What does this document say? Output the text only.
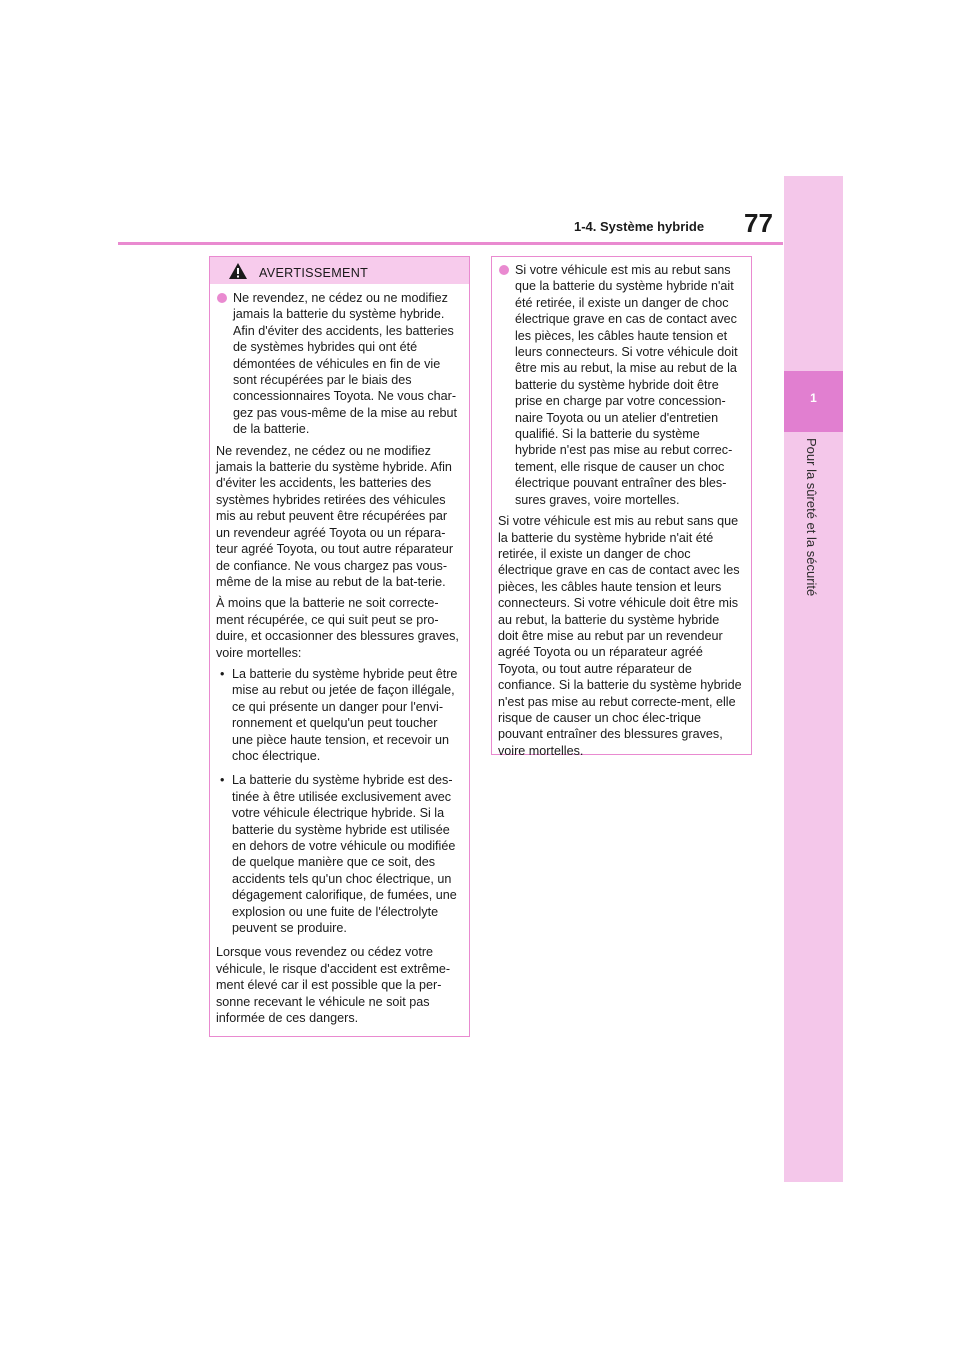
1-4. Système hybride 77
1
Pour la sûreté et la sécurité
AVERTISSEMENT
Ne revendez, ne cédez ou ne modifiez jamais la batterie du système hybride. Afin d'éviter des accidents, les batteries de systèmes hybrides qui ont été démontées de véhicules en fin de vie sont récupérées par le biais des concessionnaires Toyota. Ne vous char-gez pas vous-même de la mise au rebut de la batterie.

Ne revendez, ne cédez ou ne modifiez jamais la batterie du système hybride. Afin d'éviter les accidents, les batteries des systèmes hybrides retirées des véhicules mis au rebut peuvent être récupérées par un revendeur agréé Toyota ou un répara-teur agréé Toyota, ou tout autre réparateur de confiance. Ne vous chargez pas vous-même de la mise au rebut de la bat-terie.

À moins que la batterie ne soit correcte-ment récupérée, ce qui suit peut se pro-duire, et occasionner des blessures graves, voire mortelles:

• La batterie du système hybride peut être mise au rebut ou jetée de façon illégale, ce qui présente un danger pour l'envi-ronnement et quelqu'un peut toucher une pièce haute tension, et recevoir un choc électrique.
• La batterie du système hybride est des-tinée à être utilisée exclusivement avec votre véhicule électrique hybride. Si la batterie du système hybride est utilisée en dehors de votre véhicule ou modifiée de quelque manière que ce soit, des accidents tels qu'un choc électrique, un dégagement calorifique, de fumées, une explosion ou une fuite de l'électrolyte peuvent se produire.

Lorsque vous revendez ou cédez votre véhicule, le risque d'accident est extrême-ment élevé car il est possible que la per-sonne recevant le véhicule ne soit pas informée de ces dangers.

Si votre véhicule est mis au rebut sans que la batterie du système hybride n'ait été retirée, il existe un danger de choc électrique grave en cas de contact avec les pièces, les câbles haute tension et leurs connecteurs. Si votre véhicule doit être mis au rebut, la mise au rebut de la batterie du système hybride doit être prise en charge par votre concession-naire Toyota ou un atelier d'entretien qualifié. Si la batterie du système hybride n'est pas mise au rebut correc-tement, elle risque de causer un choc électrique pouvant entraîner des bles-sures graves, voire mortelles.

Si votre véhicule est mis au rebut sans que la batterie du système hybride n'ait été retirée, il existe un danger de choc électrique grave en cas de contact avec les pièces, les câbles haute tension et leurs connecteurs. Si votre véhicule doit être mis au rebut, la batterie du système hybride doit être mise au rebut par un revendeur agréé Toyota ou un réparateur agréé Toyota, ou tout autre réparateur de confiance. Si la batterie du système hybride n'est pas mise au rebut correcte-ment, elle risque de causer un choc élec-trique pouvant entraîner des blessures graves, voire mortelles.
